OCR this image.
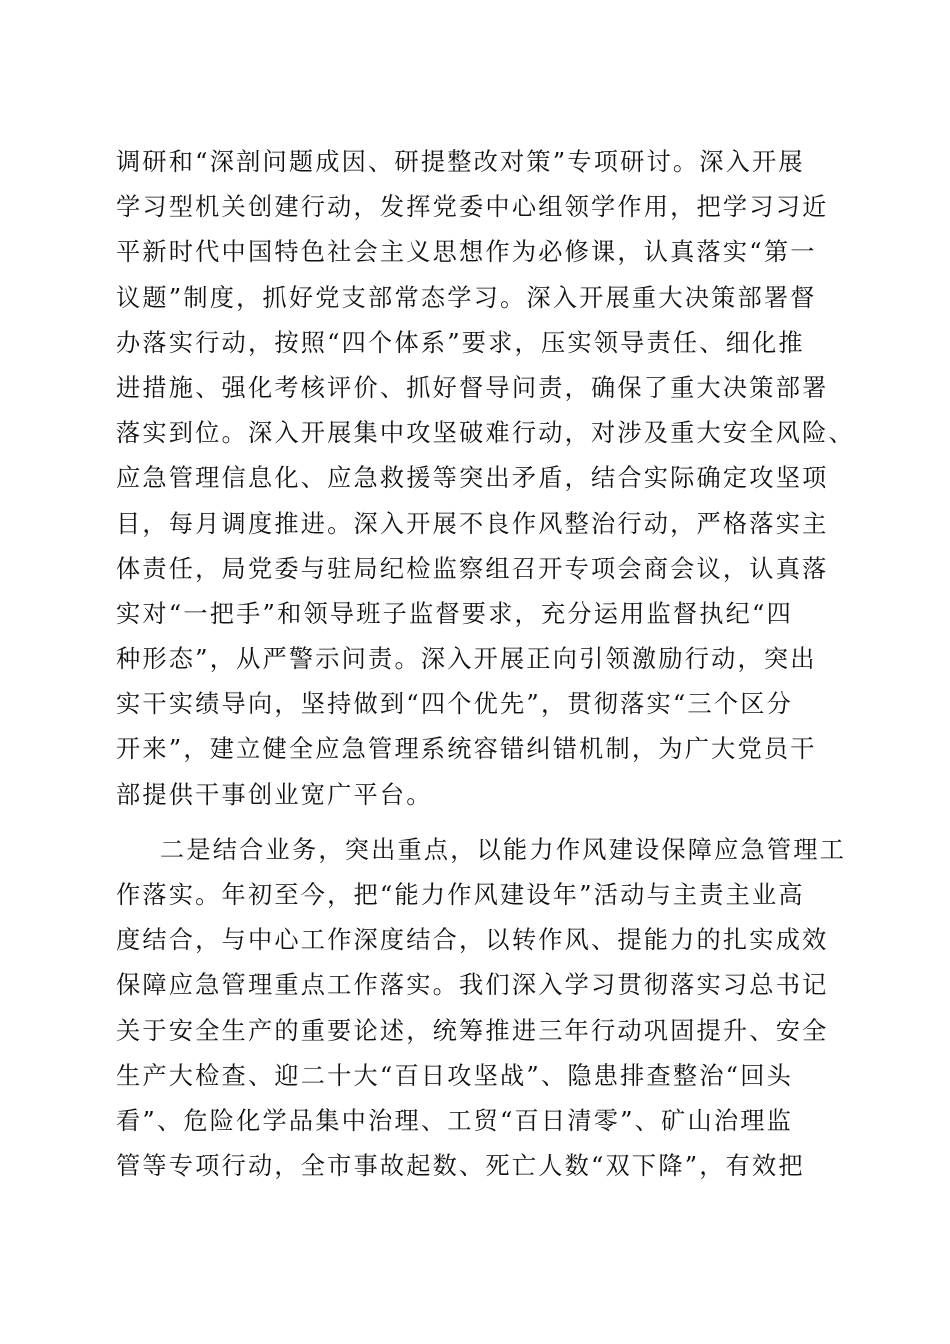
调研和“深剖问题成因、研提整改对策”专项研讨。深入开展
学习型机关创建行动，发挥党委中心组领学作用，把学习习近
平新时代中国特色社会主义思想作为必修课，认真落实“第一
议题”制度，抓好党支部常态学习。深入开展重大决策部署督
办落实行动，按照“四个体系”要求，压实领导责任、细化推
进措施、强化考核评价、抓好督导问责，确保了重大决策部署
落实到位。深入开展集中攻坚破难行动，对涉及重大安全风险、
应急管理信息化、应急救援等突出矛盾，结合实际确定攻坚项
目，每月调度推进。深入开展不良作风整治行动，严格落实主
体责任，局党委与驻局纪检监察组召开专项会商会议，认真落
实对“一把手”和领导班子监督要求，充分运用监督执纪“四
种形态”，从严警示问责。深入开展正向引领激励行动，突出
实干实绩导向，坚持做到“四个优先”，贯彻落实“三个区分
开来”，建立健全应急管理系统容错纠错机制，为广大党员干
部提供干事创业宽广平台。
二是结合业务，突出重点，以能力作风建设保障应急管理工
作落实。年初至今，把“能力作风建设年”活动与主责主业高
度结合，与中心工作深度结合，以转作风、提能力的扎实成效
保障应急管理重点工作落实。我们深入学习贯彻落实习总书记
关于安全生产的重要论述，统筹推进三年行动巩固提升、安全
生产大检查、迎二十大“百日攻坚战”、隐患排查整治“回头
看”、危险化学品集中治理、工贸“百日清零”、矿山治理监
管等专项行动，全市事故起数、死亡人数“双下降”，有效把
